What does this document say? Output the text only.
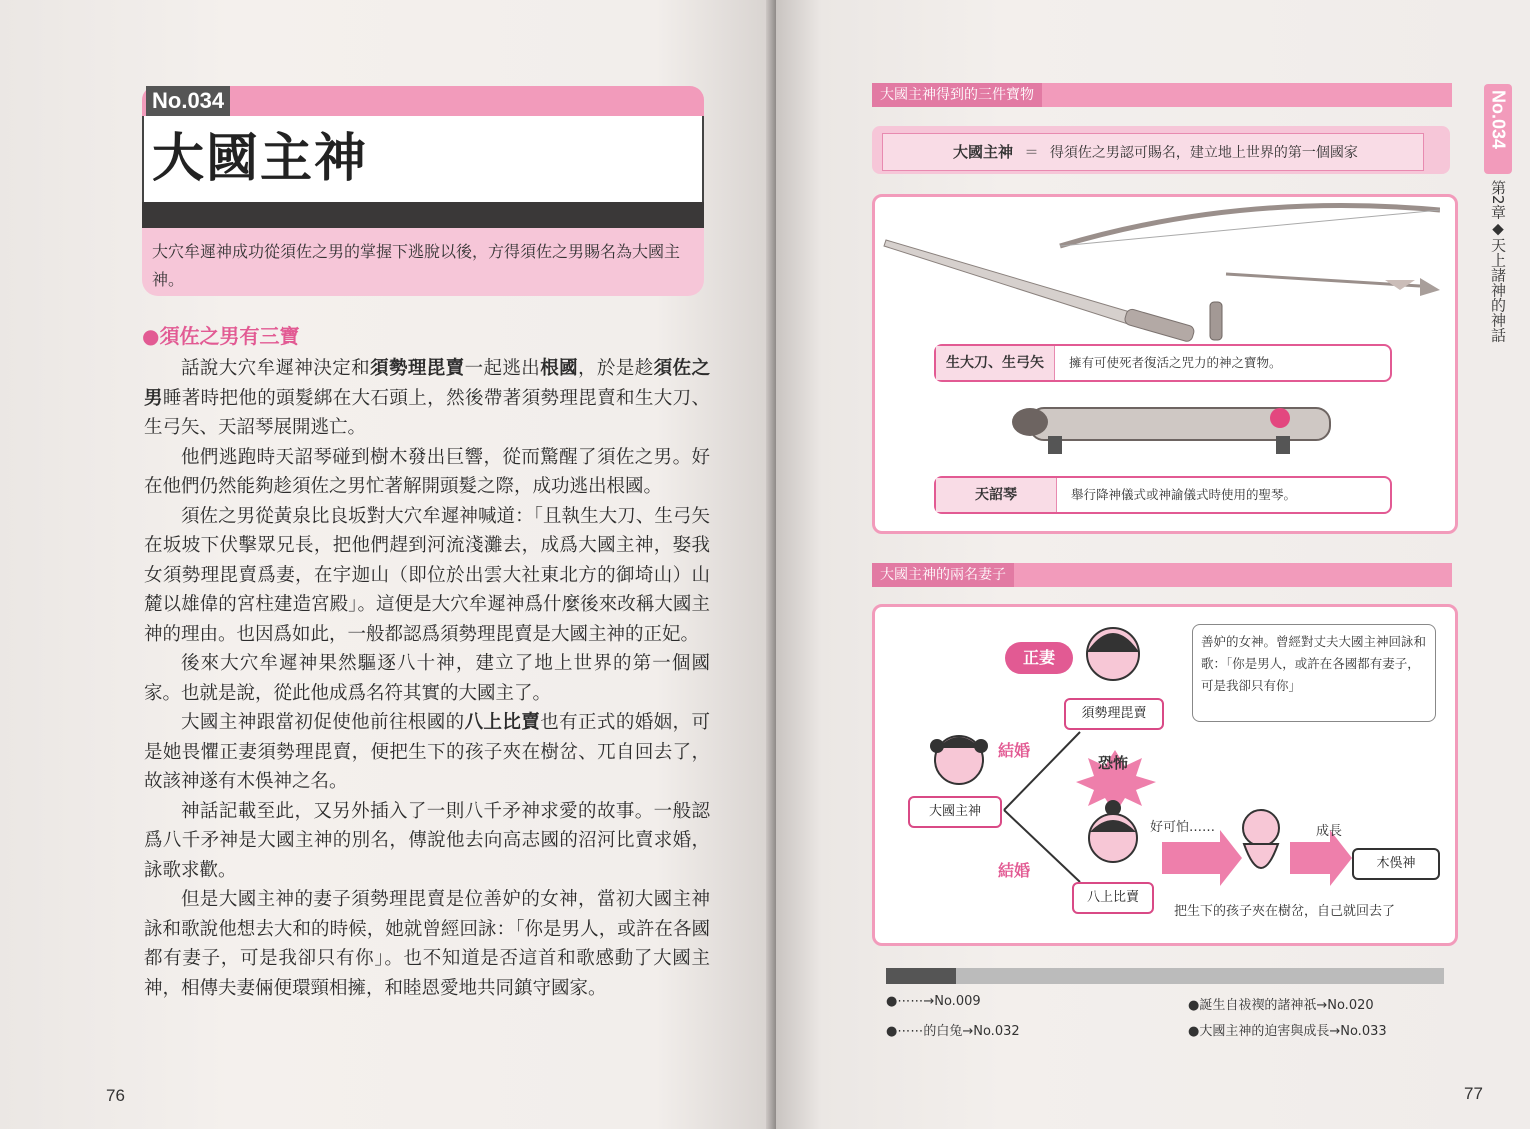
No.034
大國主神
大穴牟遲神成功從須佐之男的掌握下逃脫以後，方得須佐之男賜名為大國主神。
●須佐之男有三寶

話說大穴牟遲神決定和須勢理毘賣一起逃出根國，於是趁須佐之男睡著時把他的頭髮綁在大石頭上，然後帶著須勢理毘賣和生大刀、生弓矢、天詔琴展開逃亡。

他們逃跑時天詔琴碰到樹木發出巨響，從而驚醒了須佐之男。好在他們仍然能夠趁須佐之男忙著解開頭髮之際，成功逃出根國。

須佐之男從黃泉比良坂對大穴牟遲神喊道：「且執生大刀、生弓矢在坂坡下伏擊眾兄長，把他們趕到河流淺灘去，成爲大國主神，娶我女須勢理毘賣爲妻，在宇迦山（即位於出雲大社東北方的御埼山）山麓以雄偉的宮柱建造宮殿」。這便是大穴牟遲神爲什麼後來改稱大國主神的理由。也因爲如此，一般都認爲須勢理毘賣是大國主神的正妃。

後來大穴牟遲神果然驅逐八十神，建立了地上世界的第一個國家。也就是說，從此他成爲名符其實的大國主了。

大國主神跟當初促使他前往根國的八上比賣也有正式的婚姻，可是她畏懼正妻須勢理毘賣，便把生下的孩子夾在樹岔、兀自回去了，故該神遂有木俁神之名。

神話記載至此，又另外插入了一則八千矛神求愛的故事。一般認爲八千矛神是大國主神的別名，傳說他去向高志國的沼河比賣求婚，詠歌求歡。

但是大國主神的妻子須勢理毘賣是位善妒的女神，當初大國主神詠和歌說他想去大和的時候，她就曾經回詠：「你是男人，或許在各國都有妻子，可是我卻只有你」。也不知道是否這首和歌感動了大國主神，相傳夫妻倆便環頸相擁，和睦恩愛地共同鎮守國家。

76
No.034
第2章◆天上諸神的神話
大國主神得到的三件寶物
大國主神 ＝ 得須佐之男認可賜名，建立地上世界的第一個國家
生大刀、生弓矢 擁有可使死者復活之咒力的神之寶物。
天詔琴	舉行降神儀式或神諭儀式時使用的聖琴。
大國主神的兩名妻子
正妻
須勢理毘賣
善妒的女神。曾經對丈夫大國主神回詠和歌：「你是男人，或許在各國都有妻子，可是我卻只有你」
結婚
恐怖
大國主神
好可怕……	成長
結婚	木俁神
八上比賣
把生下的孩子夾在樹岔，自己就回去了
●⋯⋯→No.009
●⋯⋯的白兔→No.032
●誕生自祓禊的諸神祇→No.020
●大國主神的迫害與成長→No.033
77
